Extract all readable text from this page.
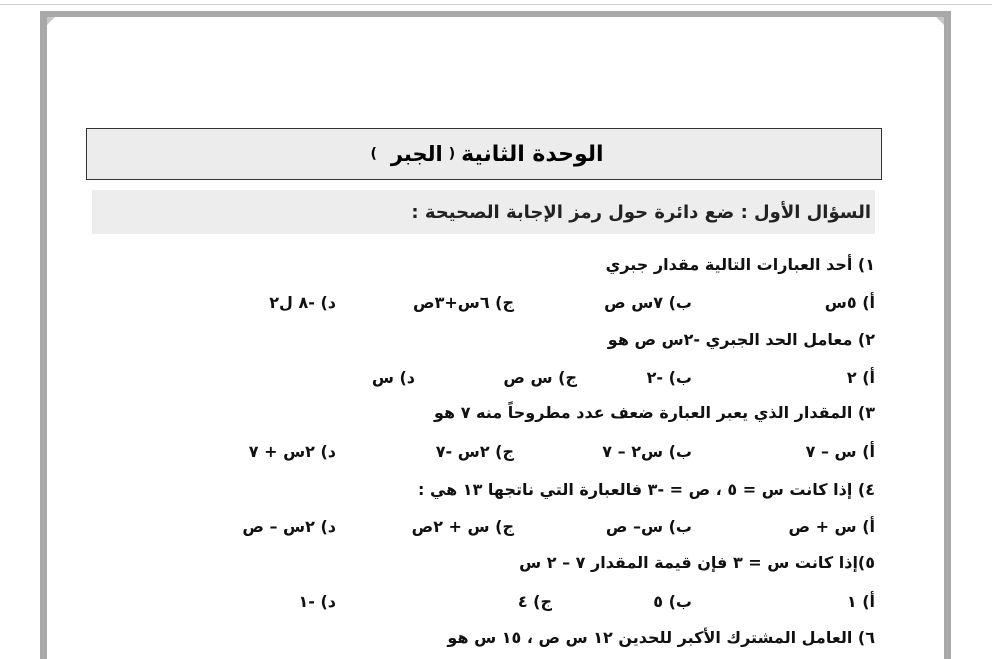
الوحدة الثانية
(
الجبر
)
السؤال الأول : ضع دائرة حول رمز الإجابة الصحيحة :
١) أحد العبارات التالية مقدار جبري
أ) ٥س
ب) ٧س ص
ج) ٦س+٣ص
د) -٨ ل٢
٢) معامل الحد الجبري -٢س ص هو
أ) ٢
ب) -٢
ج) س ص
د) س
٣) المقدار الذي يعبر العبارة ضعف عدد مطروحاً منه ٧ هو
أ) س – ٧
ب) س٢ – ٧
ج) ٢س -٧
د) ٢س + ٧
٤) إذا كانت س = ٥ ، ص = -٣ فالعبارة التي ناتجها ١٣ هي :
أ) س + ص
ب) س– ص
ج) س + ٢ص
د) ٢س – ص
٥)إذا كانت س = ٣ فإن قيمة المقدار ٧ – ٢ س
أ) ١
ب) ٥
ج) ٤
د) -١
٦) العامل المشترك الأكبر للحدين ١٢ س ص ، ١٥ س هو
